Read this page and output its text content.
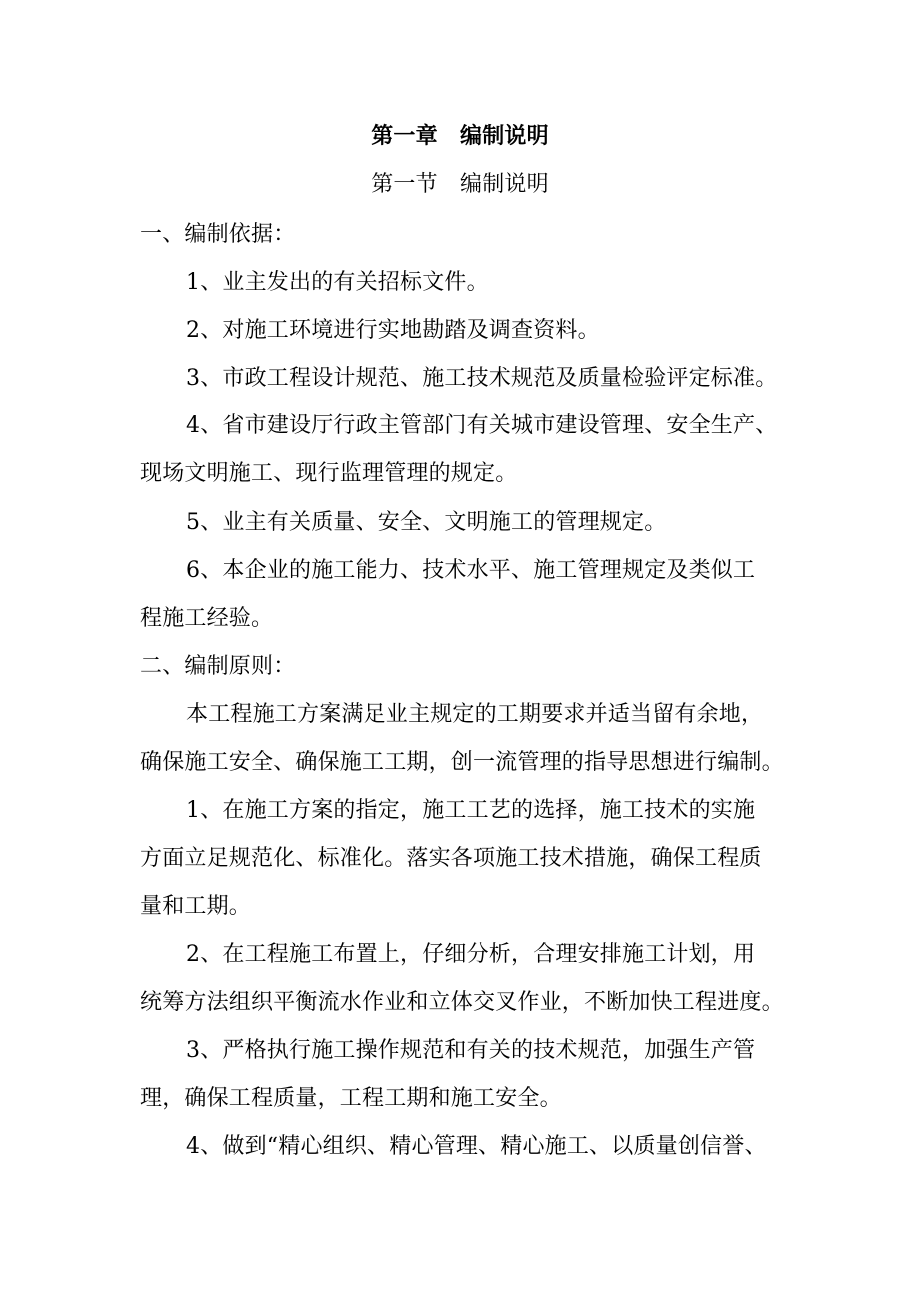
第一章　编制说明
第一节　编制说明
一、编制依据：
1、业主发出的有关招标文件。
2、对施工环境进行实地勘踏及调查资料。
3、市政工程设计规范、施工技术规范及质量检验评定标准。
4、省市建设厅行政主管部门有关城市建设管理、安全生产、
现场文明施工、现行监理管理的规定。
5、业主有关质量、安全、文明施工的管理规定。
6、本企业的施工能力、技术水平、施工管理规定及类似工
程施工经验。
二、编制原则：
本工程施工方案满足业主规定的工期要求并适当留有余地，
确保施工安全、确保施工工期，创一流管理的指导思想进行编制。
1、在施工方案的指定，施工工艺的选择，施工技术的实施
方面立足规范化、标准化。落实各项施工技术措施，确保工程质
量和工期。
2、在工程施工布置上，仔细分析，合理安排施工计划，用
统筹方法组织平衡流水作业和立体交叉作业，不断加快工程进度。
3、严格执行施工操作规范和有关的技术规范，加强生产管
理，确保工程质量，工程工期和施工安全。
4、做到“精心组织、精心管理、精心施工、以质量创信誉、
